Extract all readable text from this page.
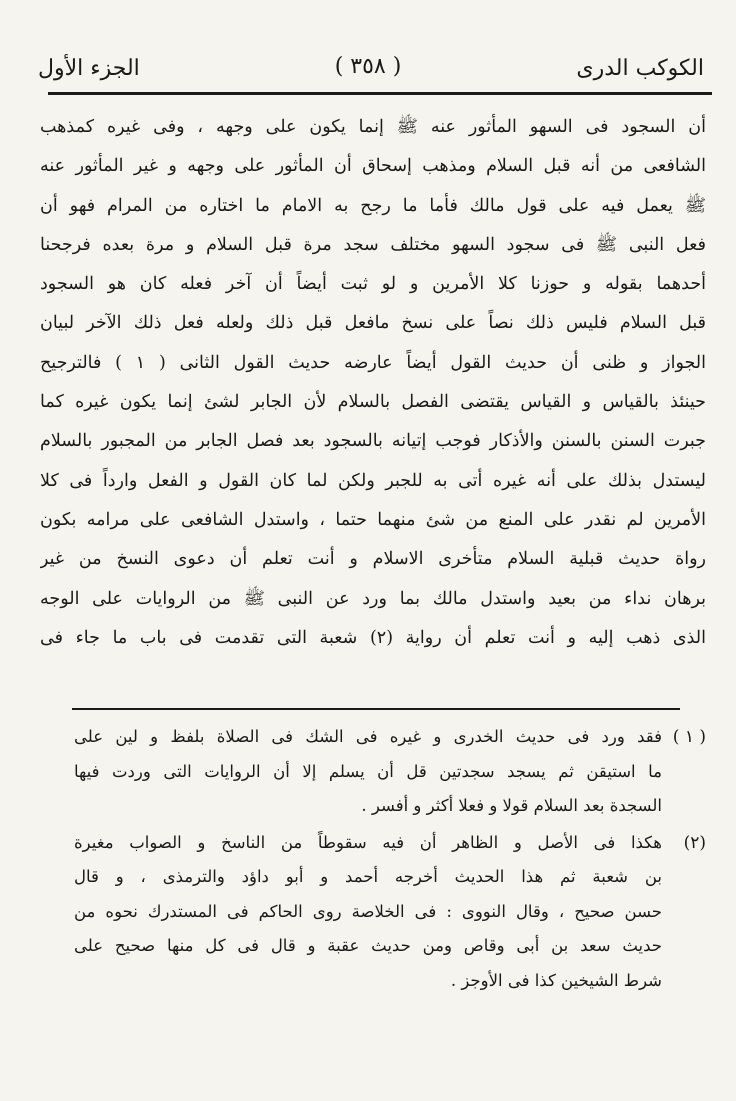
الكوكب الدرى
( ٣٥٨ )
الجزء الأول
أن السجود فى السهو المأثور عنه ﷺ إنما يكون على وجهه ، وفى غيره كمذهب
الشافعى من أنه قبل السلام ومذهب إسحاق أن المأثور على وجهه و غير المأثور عنه
ﷺ يعمل فيه على قول مالك فأما ما رجح به الامام ما اختاره من المرام فهو أن
فعل النبى ﷺ فى سجود السهو مختلف سجد مرة قبل السلام و مرة بعده فرجحنا
أحدهما بقوله و حوزنا كلا الأمرين و لو ثبت أيضاً أن آخر فعله كان هو السجود
قبل السلام فليس ذلك نصاً على نسخ مافعل قبل ذلك ولعله فعل ذلك الآخر لبيان
الجواز و ظنى أن حديث القول أيضاً عارضه حديث القول الثانى ( ١ ) فالترجيح
حينئذ بالقياس و القياس يقتضى الفصل بالسلام لأن الجابر لشئ إنما يكون غيره كما
جبرت السنن بالسنن والأذكار فوجب إتيانه بالسجود بعد فصل الجابر من المجبور بالسلام
ليستدل بذلك على أنه غيره أتى به للجبر ولكن لما كان القول و الفعل وارداً فى كلا
الأمرين لم نقدر على المنع من شئ منهما حتما ، واستدل الشافعى على مرامه بكون
رواة حديث قبلية السلام متأخرى الاسلام و أنت تعلم أن دعوى النسخ من غير
برهان نداء من بعيد واستدل مالك بما ورد عن النبى ﷺ من الروايات على الوجه
الذى ذهب إليه و أنت تعلم أن رواية (٢) شعبة التى تقدمت فى باب ما جاء فى
( ١ )
فقد ورد فى حديث الخدرى و غيره فى الشك فى الصلاة بلفظ و لين على
ما استيقن ثم يسجد سجدتين قل أن يسلم إلا أن الروايات التى وردت فيها
السجدة بعد السلام قولا و فعلا أكثر و أفسر .
(٢)
هكذا فى الأصل و الظاهر أن فيه سقوطاً من الناسخ و الصواب مغيرة
بن شعبة ثم هذا الحديث أخرجه أحمد و أبو داؤد والترمذى ، و قال
حسن صحيح ، وقال النووى : فى الخلاصة روى الحاكم فى المستدرك نحوه من
حديث سعد بن أبى وقاص ومن حديث عقبة و قال فى كل منها صحيح على
شرط الشيخين كذا فى الأوجز .
